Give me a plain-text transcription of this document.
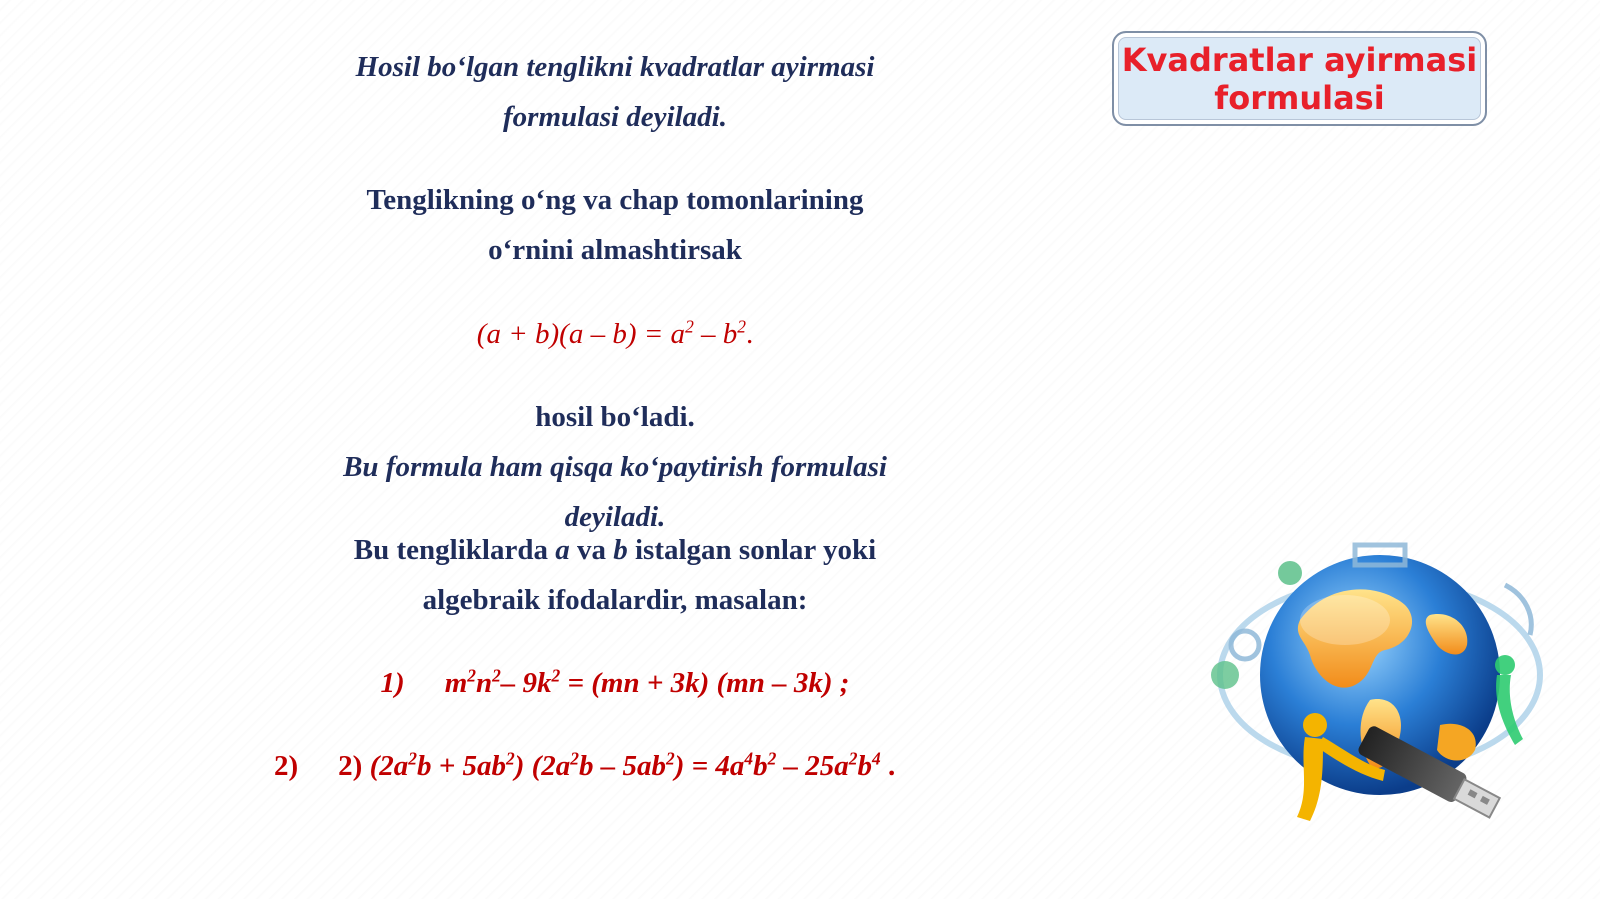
Kvadratlar ayirmasi
formulasi
Hosil boʻlgan tenglikni kvadratlar ayirmasi
formulasi deyiladi.
Tenglikning oʻng va chap tomonlarining
oʻrnini almashtirsak
$(a + b)(a - b) = a^2 - b^2$.
hosil boʻladi.
Bu formula ham qisqa koʻpaytirish formulasi
deyiladi.
Bu tengliklarda a va b istalgan sonlar yoki
algebraik ifodalardir, masalan:
1) $m^2n^2-$ $9k^2 = (mn + 3k)$ (mn – 3k) ;
2) 2) $(2a^2b + 5ab^2)$ $(2a^2b - 5ab^2) = 4a^4b^2 - 25a^2b^4$ .
